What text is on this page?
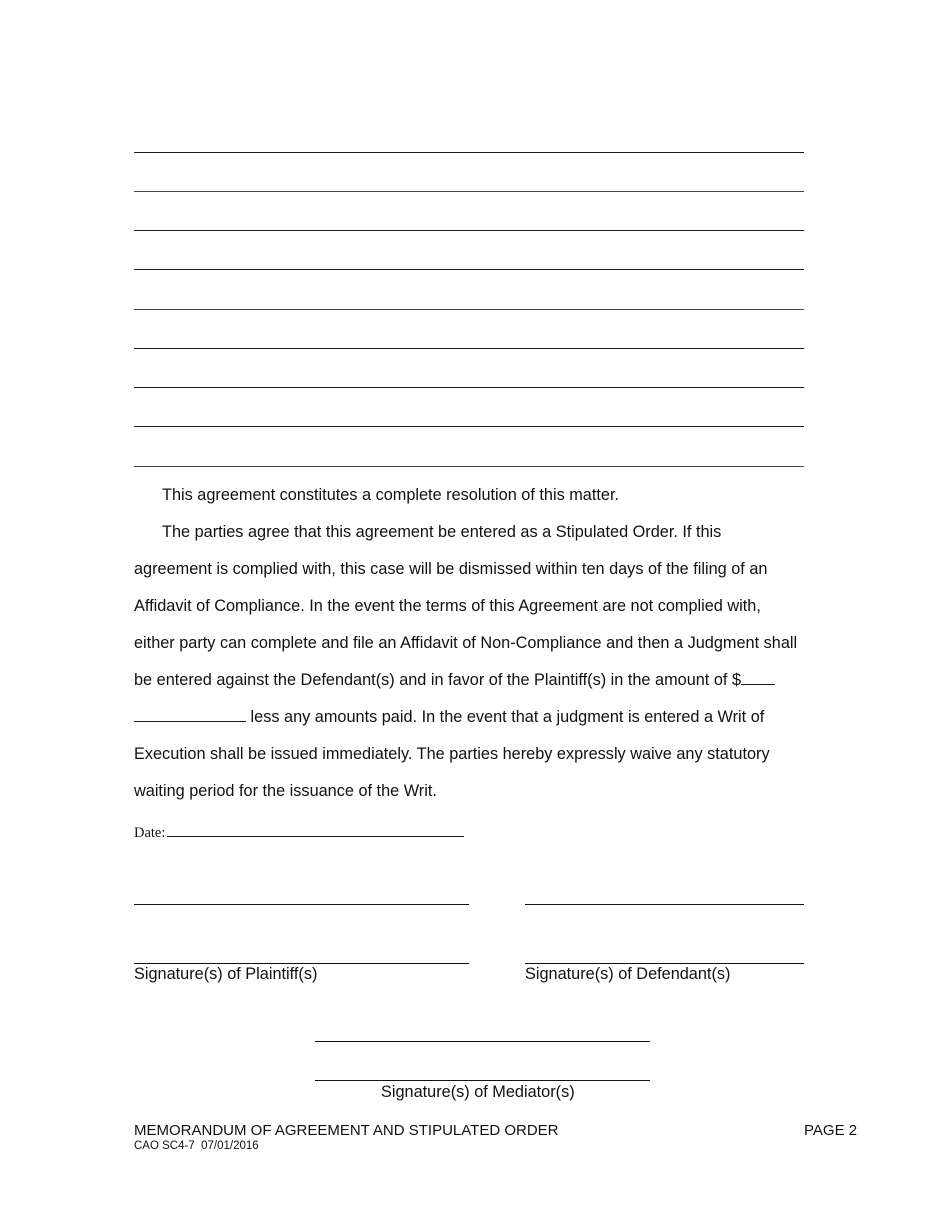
This agreement constitutes a complete resolution of this matter.
The parties agree that this agreement be entered as a Stipulated Order. If this
agreement is complied with, this case will be dismissed within ten days of the filing of an
Affidavit of Compliance. In the event the terms of this Agreement are not complied with,
either party can complete and file an Affidavit of Non-Compliance and then a Judgment shall
be entered against the Defendant(s) and in favor of the Plaintiff(s) in the amount of $
less any amounts paid. In the event that a judgment is entered a Writ of
Execution shall be issued immediately. The parties hereby expressly waive any statutory
waiting period for the issuance of the Writ.
Date:
Signature(s) of Plaintiff(s)	Signature(s) of Defendant(s)
Signature(s) of Mediator(s)
MEMORANDUM OF AGREEMENT AND STIPULATED ORDER
CAO SC4-7  07/01/2016
PAGE 2
